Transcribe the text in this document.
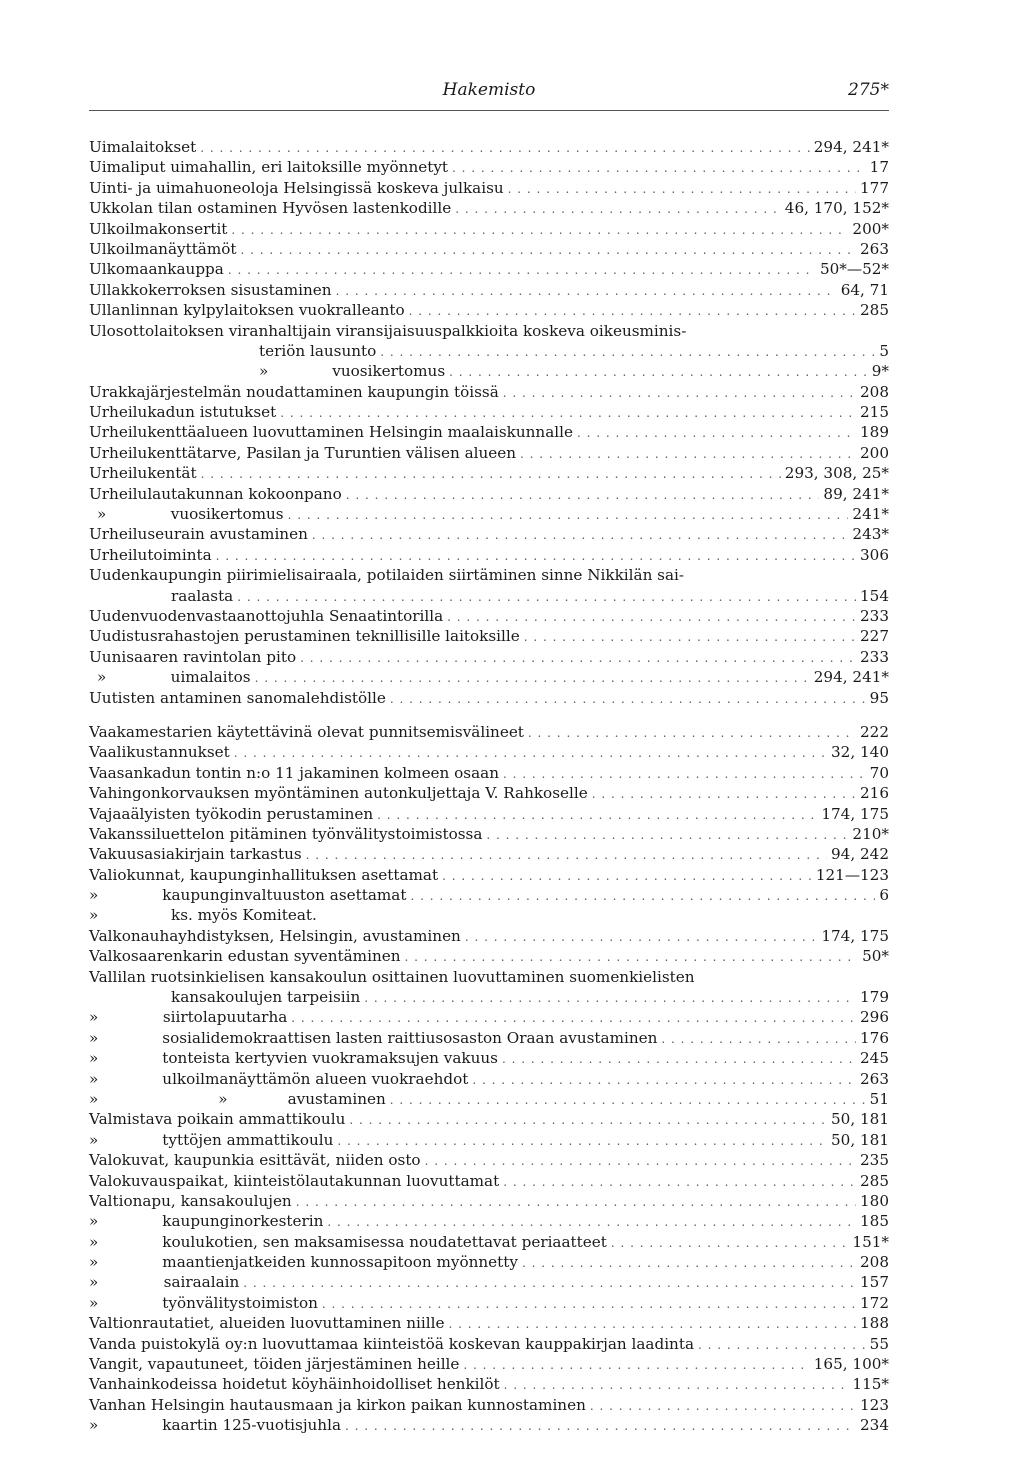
Hakemisto	275*
Uimalaitokset . . .	294, 241*
Uimaliput uimahallin, eri laitoksille myönnetyt . . .	17
Uinti- ja uimahuoneoloja Helsingissä koskeva julkaisu . . .	177
Ukkolan tilan ostaminen Hyvösen lastenkodille . . .	46, 170, 152*
Ulkoilmakonsertit . . .	200*
Ulkoilmanäyttämöt . . .	263
Ulkomaankauppa . . .	50*—52*
Ullakkokerroksen sisustaminen . . .	64, 71
Ullanlinnan kylpylaitoksen vuokralleanto . . .	285
Ulosottolaitoksen viranhaltijain viransijaisuuspalkkioita koskeva oikeusminis-
teriön lausunto . . .	5
»	vuosikertomus . . .	9*
Urakkajärjestelmän noudattaminen kaupungin töissä . . .	208
Urheilukadun istutukset . . .	215
Urheilukenttäalueen luovuttaminen Helsingin maalaiskunnalle . . .	189
Urheilukenttätarve, Pasilan ja Turuntien välisen alueen . . .	200
Urheilukentät . . .	293, 308, 25*
Urheilulautakunnan kokoonpano . . .	89, 241*
»	vuosikertomus . . .	241*
Urheiluseurain avustaminen . . .	243*
Urheilutoiminta . . .	306
Uudenkaupungin piirimielisairaala, potilaiden siirtäminen sinne Nikkilän sai-
raalasta . . .	154
Uudenvuodenvastaanottojuhla Senaatintorilla . . .	233
Uudistusrahastojen perustaminen teknillisille laitoksille . . .	227
Uunisaaren ravintolan pito . . .	233
»	uimalaitos . . .	294, 241*
Uutisten antaminen sanomalehdistölle . . .	95
Vaakamestarien käytettävinä olevat punnitsemisvälineet . . .	222
Vaalikustannukset . . .	32, 140
Vaasankadun tontin n:o 11 jakaminen kolmeen osaan . . .	70
Vahingonkorvauksen myöntäminen autonkuljettaja V. Rahkoselle . . .	216
Vajaaälyisten työkodin perustaminen . . .	174, 175
Vakanssiluettelon pitäminen työnvälitystoimistossa . . .	210*
Vakuusasiakirjain tarkastus . . .	94, 242
Valiokunnat, kaupunginhallituksen asettamat . . .	121—123
»	kaupunginvaltuuston asettamat . . .	6
»	ks. myös Komiteat.
Valkonauhayhdistyksen, Helsingin, avustaminen . . .	174, 175
Valkosaarenkarin edustan syventäminen . . .	50*
Vallilan ruotsinkielisen kansakoulun osittainen luovuttaminen suomenkielisten
kansakoulujen tarpeisiin . . .	179
»	siirtolapuutarha . . .	296
»	sosialidemokraattisen lasten raittiusosaston Oraan avustaminen . . .	176
»	tonteista kertyvien vuokramaksujen vakuus . . .	245
»	ulkoilmanäyttämön alueen vuokraehdot . . .	263
»	»	avustaminen . . .	51
Valmistava poikain ammattikoulu . . .	50, 181
»	tyttöjen ammattikoulu . . .	50, 181
Valokuvat, kaupunkia esittävät, niiden osto . . .	235
Valokuvauspaikat, kiinteistölautakunnan luovuttamat . . .	285
Valtionapu, kansakoulujen . . .	180
»	kaupunginorkesterin . . .	185
»	koulukotien, sen maksamisessa noudatettavat periaatteet . . .	151*
»	maantienjatkeiden kunnossapitoon myönnetty . . .	208
»	sairaalain . . .	157
»	työnvälitystoimiston . . .	172
Valtionrautatiet, alueiden luovuttaminen niille . . .	188
Vanda puistokylä oy:n luovuttamaa kiinteistöä koskevan kauppakirjan laadinta . . .	55
Vangit, vapautuneet, töiden järjestäminen heille . . .	165, 100*
Vanhainkodeissa hoidetut köyhäinhoidolliset henkilöt . . .	115*
Vanhan Helsingin hautausmaan ja kirkon paikan kunnostaminen . . .	123
»	kaartin 125-vuotisjuhla . . .	234
